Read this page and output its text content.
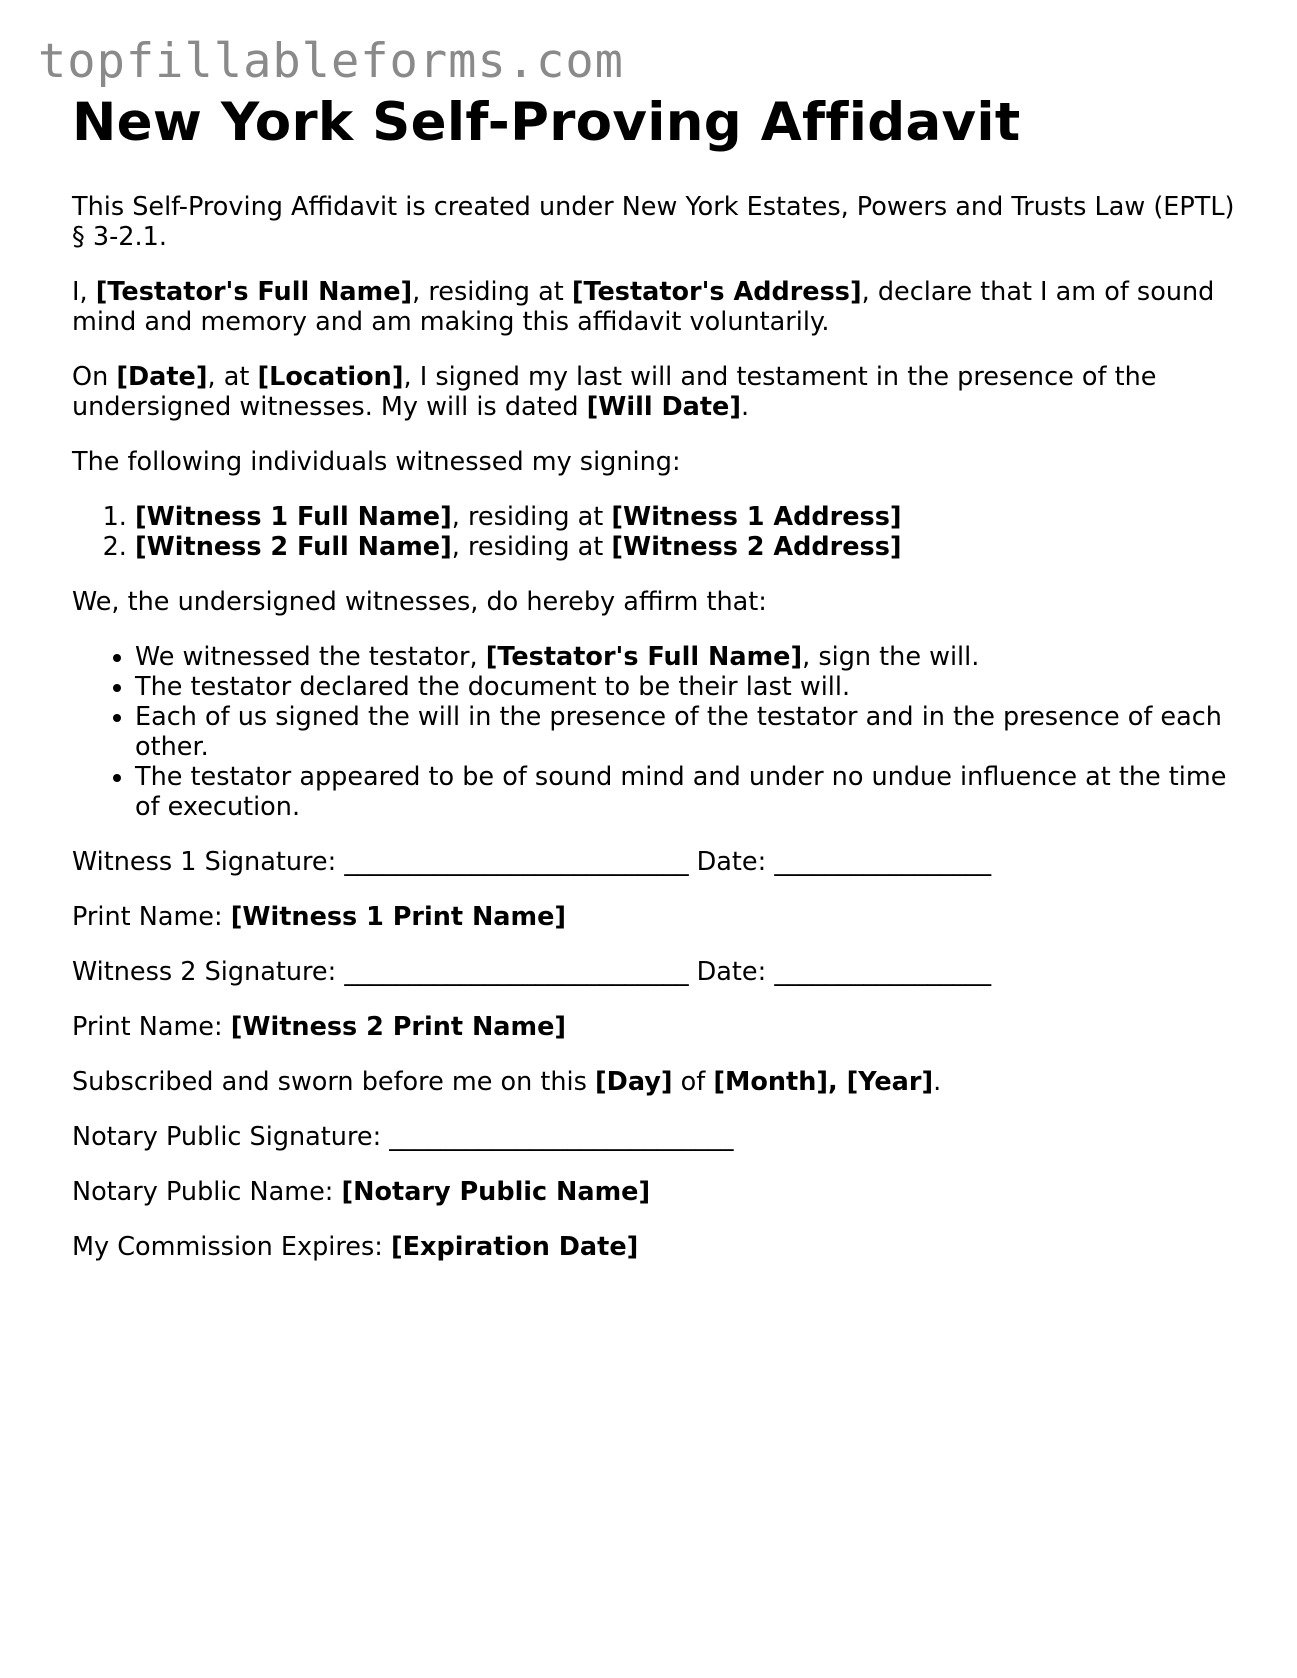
topfillableforms.com
New York Self-Proving Affidavit

This Self-Proving Affidavit is created under New York Estates, Powers and Trusts Law (EPTL) § 3-2.1.

I, [Testator's Full Name], residing at [Testator's Address], declare that I am of sound mind and memory and am making this affidavit voluntarily.

On [Date], at [Location], I signed my last will and testament in the presence of the undersigned witnesses. My will is dated [Will Date].

The following individuals witnessed my signing:

1. [Witness 1 Full Name], residing at [Witness 1 Address]
2. [Witness 2 Full Name], residing at [Witness 2 Address]

We, the undersigned witnesses, do hereby affirm that:

• We witnessed the testator, [Testator's Full Name], sign the will.
• The testator declared the document to be their last will.
• Each of us signed the will in the presence of the testator and in the presence of each other.
• The testator appeared to be of sound mind and under no undue influence at the time of execution.

Witness 1 Signature: ___________________________ Date: _________________

Print Name: [Witness 1 Print Name]

Witness 2 Signature: ___________________________ Date: _________________

Print Name: [Witness 2 Print Name]

Subscribed and sworn before me on this [Day] of [Month], [Year].

Notary Public Signature: ___________________________

Notary Public Name: [Notary Public Name]

My Commission Expires: [Expiration Date]
